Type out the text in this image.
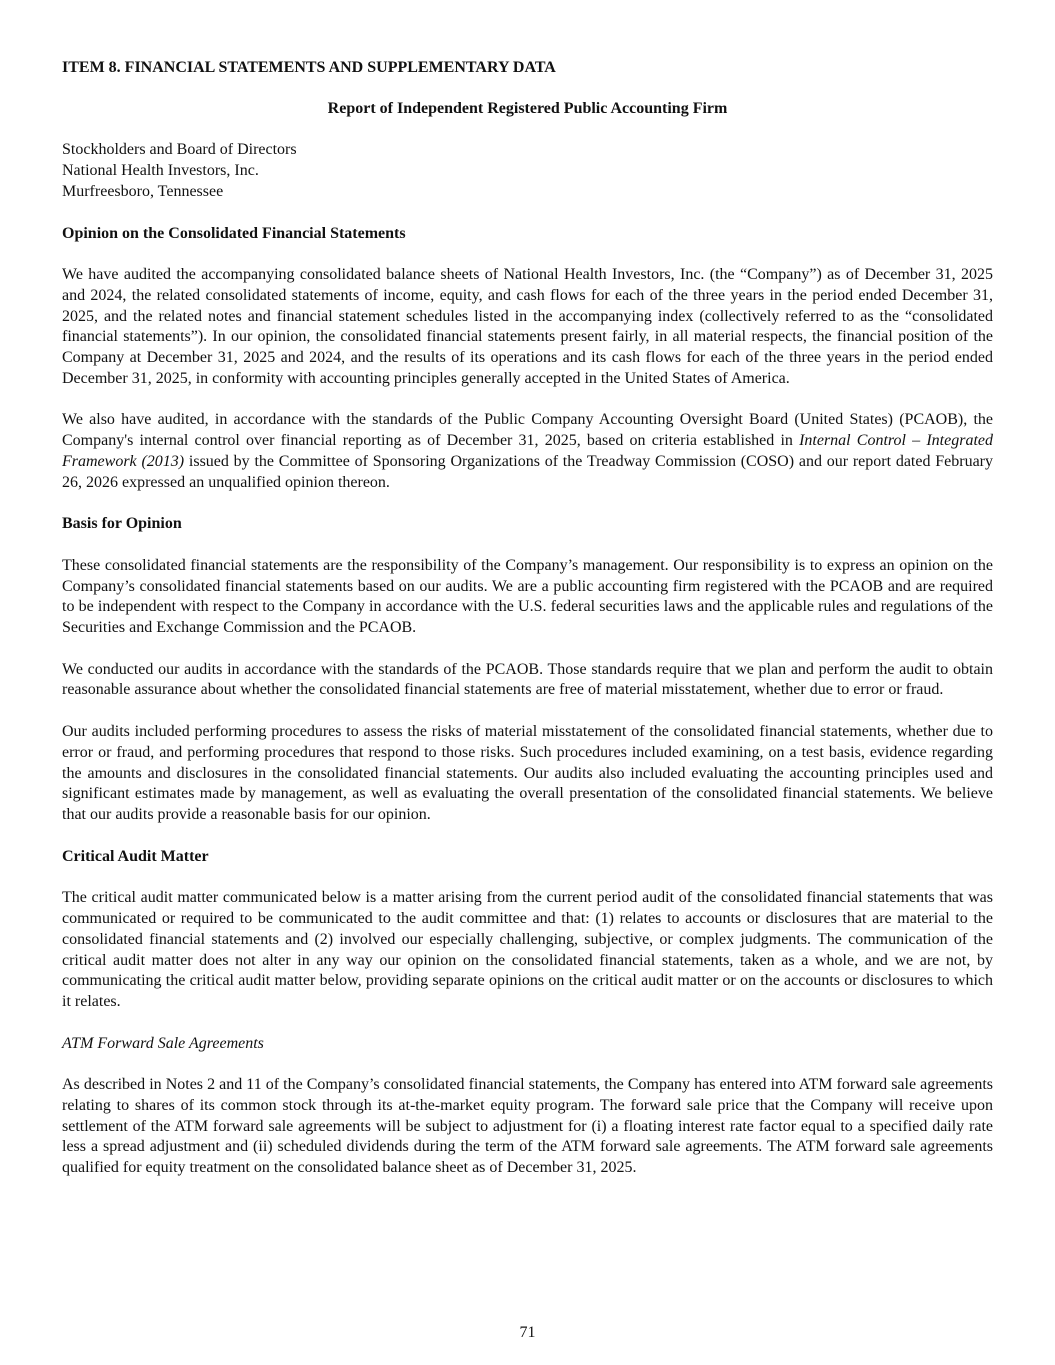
ITEM 8. FINANCIAL STATEMENTS AND SUPPLEMENTARY DATA
Report of Independent Registered Public Accounting Firm
Stockholders and Board of Directors
National Health Investors, Inc.
Murfreesboro, Tennessee
Opinion on the Consolidated Financial Statements

We have audited the accompanying consolidated balance sheets of National Health Investors, Inc. (the “Company”) as of December 31, 2025 and 2024, the related consolidated statements of income, equity, and cash flows for each of the three years in the period ended December 31, 2025, and the related notes and financial statement schedules listed in the accompanying index (collectively referred to as the “consolidated financial statements”). In our opinion, the consolidated financial statements present fairly, in all material respects, the financial position of the Company at December 31, 2025 and 2024, and the results of its operations and its cash flows for each of the three years in the period ended December 31, 2025, in conformity with accounting principles generally accepted in the United States of America.

We also have audited, in accordance with the standards of the Public Company Accounting Oversight Board (United States) (PCAOB), the Company's internal control over financial reporting as of December 31, 2025, based on criteria established in Internal Control – Integrated Framework (2013) issued by the Committee of Sponsoring Organizations of the Treadway Commission (COSO) and our report dated February 26, 2026 expressed an unqualified opinion thereon.

Basis for Opinion

These consolidated financial statements are the responsibility of the Company’s management. Our responsibility is to express an opinion on the Company’s consolidated financial statements based on our audits. We are a public accounting firm registered with the PCAOB and are required to be independent with respect to the Company in accordance with the U.S. federal securities laws and the applicable rules and regulations of the Securities and Exchange Commission and the PCAOB.

We conducted our audits in accordance with the standards of the PCAOB. Those standards require that we plan and perform the audit to obtain reasonable assurance about whether the consolidated financial statements are free of material misstatement, whether due to error or fraud.

Our audits included performing procedures to assess the risks of material misstatement of the consolidated financial statements, whether due to error or fraud, and performing procedures that respond to those risks. Such procedures included examining, on a test basis, evidence regarding the amounts and disclosures in the consolidated financial statements. Our audits also included evaluating the accounting principles used and significant estimates made by management, as well as evaluating the overall presentation of the consolidated financial statements. We believe that our audits provide a reasonable basis for our opinion.

Critical Audit Matter

The critical audit matter communicated below is a matter arising from the current period audit of the consolidated financial statements that was communicated or required to be communicated to the audit committee and that: (1) relates to accounts or disclosures that are material to the consolidated financial statements and (2) involved our especially challenging, subjective, or complex judgments. The communication of the critical audit matter does not alter in any way our opinion on the consolidated financial statements, taken as a whole, and we are not, by communicating the critical audit matter below, providing separate opinions on the critical audit matter or on the accounts or disclosures to which it relates.

ATM Forward Sale Agreements

As described in Notes 2 and 11 of the Company’s consolidated financial statements, the Company has entered into ATM forward sale agreements relating to shares of its common stock through its at-the-market equity program. The forward sale price that the Company will receive upon settlement of the ATM forward sale agreements will be subject to adjustment for (i) a floating interest rate factor equal to a specified daily rate less a spread adjustment and (ii) scheduled dividends during the term of the ATM forward sale agreements. The ATM forward sale agreements qualified for equity treatment on the consolidated balance sheet as of December 31, 2025.

71
